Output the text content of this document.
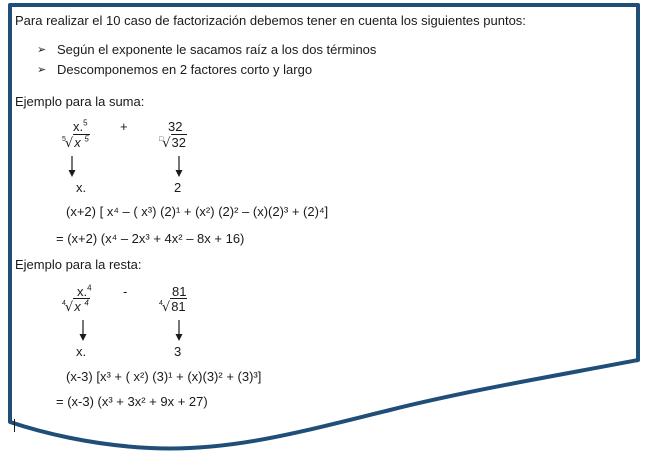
Para realizar el 10 caso de factorización debemos tener en cuenta los siguientes puntos:
➢ Según el exponente le sacamos raíz a los dos términos
➢ Descomponemos en 2 factores corto y largo
Ejemplo para la suma:
x.$^5$ +	32
$^5$√x $^5$	□√32
x.	2
(x+2) [ x⁴ – ( x³) (2)¹ + (x²) (2)² – (x)(2)³ + (2)⁴]
= (x+2) (x⁴ – 2x³ + 4x² – 8x + 16)
Ejemplo para la resta:
x.$^4$ -	81
$^4$√x $^4$	$^4$√81
x.	3
(x-3) [x³ + ( x²) (3)¹ + (x)(3)² + (3)³]
= (x-3) (x³ + 3x² + 9x + 27)
